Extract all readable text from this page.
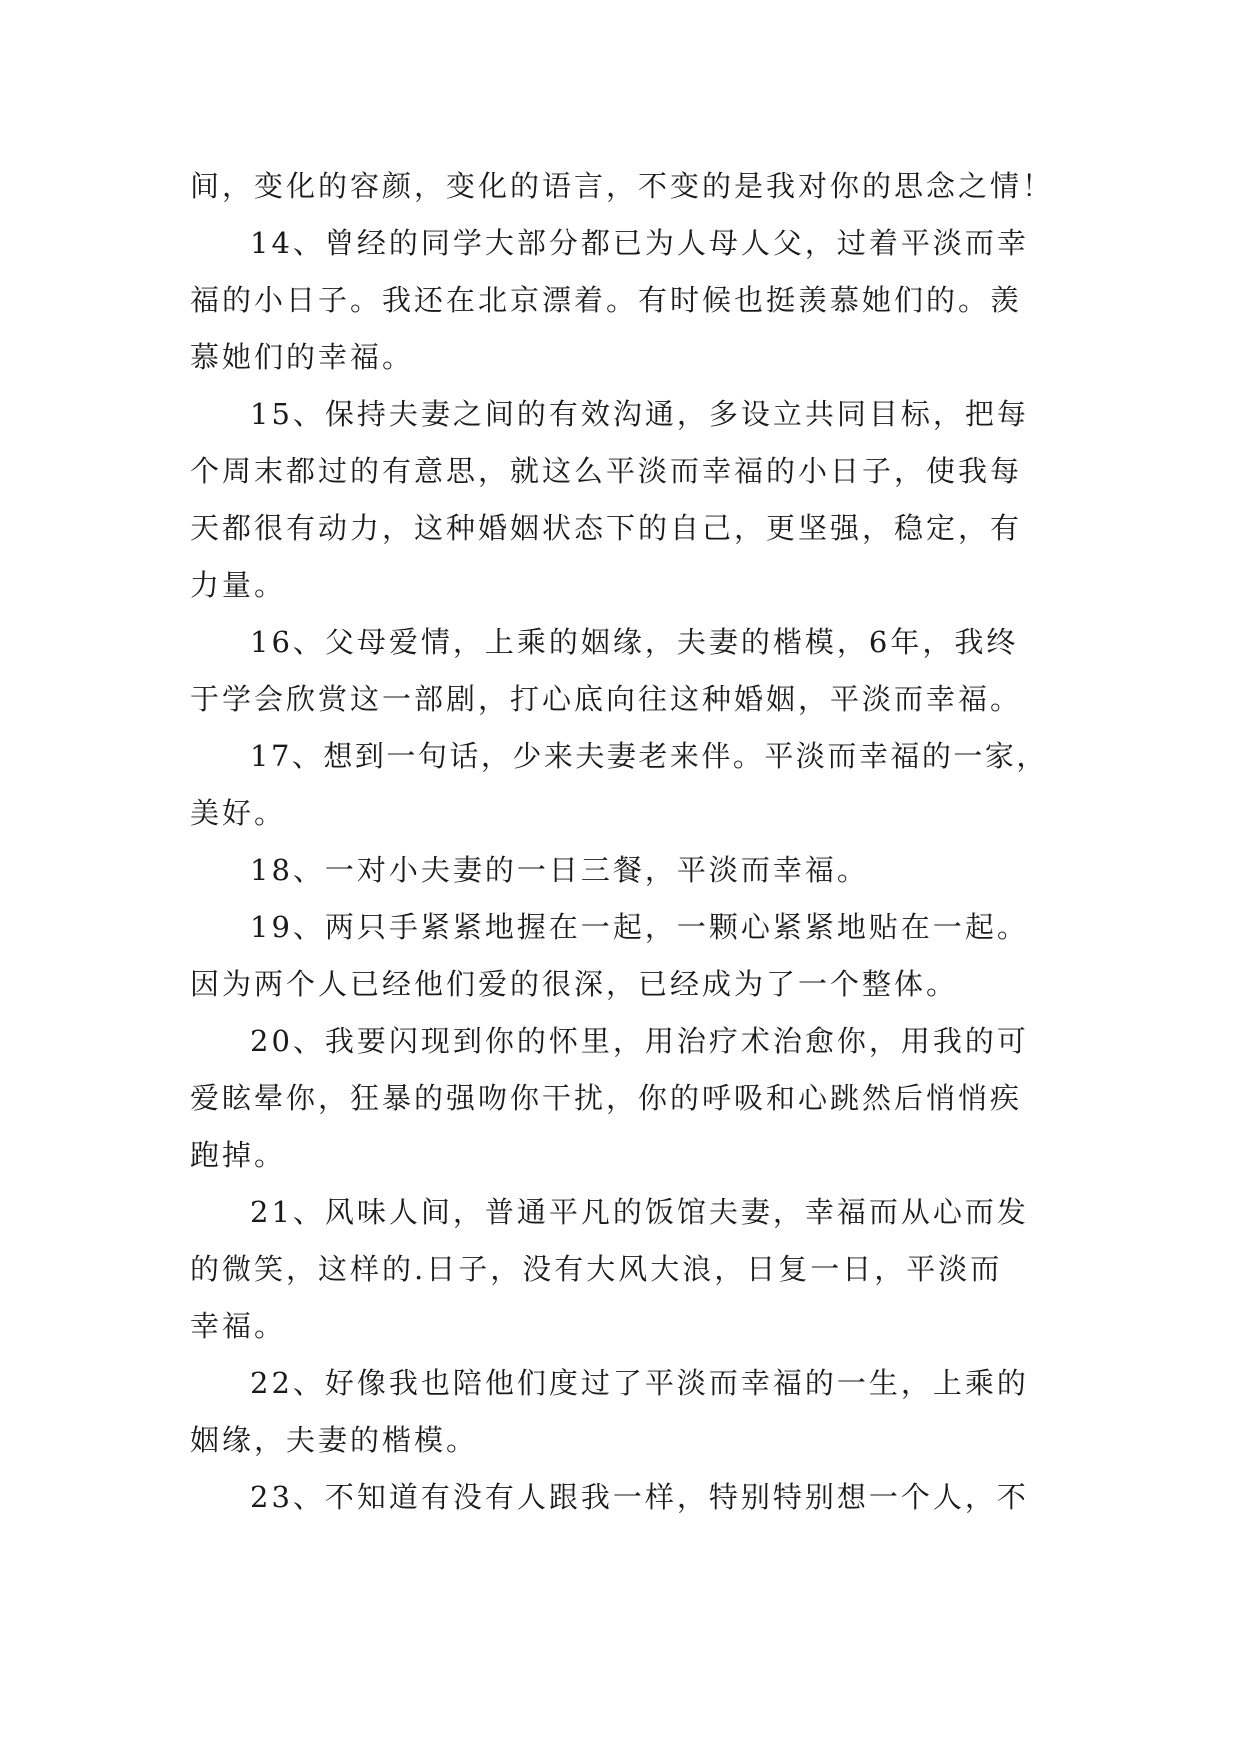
间，变化的容颜，变化的语言，不变的是我对你的思念之情！
14、曾经的同学大部分都已为人母人父，过着平淡而幸
福的小日子。我还在北京漂着。有时候也挺羡慕她们的。羡
慕她们的幸福。
15、保持夫妻之间的有效沟通，多设立共同目标，把每
个周末都过的有意思，就这么平淡而幸福的小日子，使我每
天都很有动力，这种婚姻状态下的自己，更坚强，稳定，有
力量。
16、父母爱情，上乘的姻缘，夫妻的楷模，6年，我终
于学会欣赏这一部剧，打心底向往这种婚姻，平淡而幸福。
17、想到一句话，少来夫妻老来伴。平淡而幸福的一家，
美好。
18、一对小夫妻的一日三餐，平淡而幸福。
19、两只手紧紧地握在一起，一颗心紧紧地贴在一起。
因为两个人已经他们爱的很深，已经成为了一个整体。
20、我要闪现到你的怀里，用治疗术治愈你，用我的可
爱眩晕你，狂暴的强吻你干扰，你的呼吸和心跳然后悄悄疾
跑掉。
21、风味人间，普通平凡的饭馆夫妻，幸福而从心而发
的微笑，这样的.日子，没有大风大浪，日复一日，平淡而
幸福。
22、好像我也陪他们度过了平淡而幸福的一生，上乘的
姻缘，夫妻的楷模。
23、不知道有没有人跟我一样，特别特别想一个人，不
